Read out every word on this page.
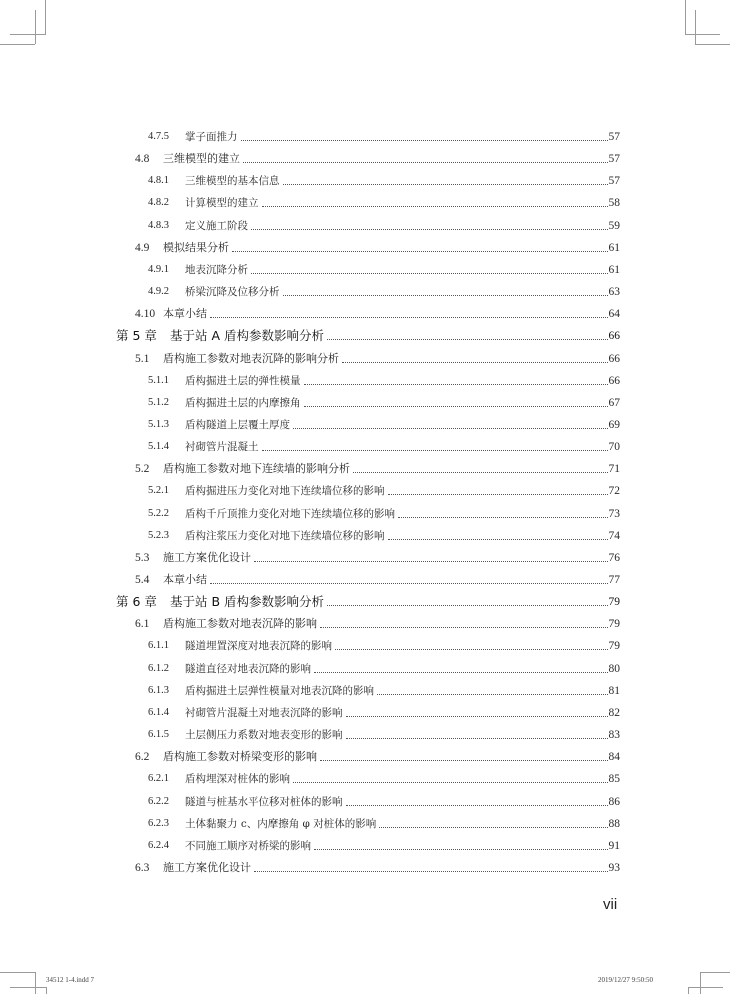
4.7.5	掌子面推力	57
4.8	三维模型的建立	57
4.8.1	三维模型的基本信息	57
4.8.2	计算模型的建立	58
4.8.3	定义施工阶段	59
4.9	模拟结果分析	61
4.9.1	地表沉降分析	61
4.9.2	桥梁沉降及位移分析	63
4.10 本章小结	64
第 5 章	基于站 A 盾构参数影响分析	66
5.1	盾构施工参数对地表沉降的影响分析	66
5.1.1	盾构掘进土层的弹性模量	66
5.1.2	盾构掘进土层的内摩擦角	67
5.1.3	盾构隧道上层覆土厚度	69
5.1.4	衬砌管片混凝土	70
5.2	盾构施工参数对地下连续墙的影响分析	71
5.2.1	盾构掘进压力变化对地下连续墙位移的影响	72
5.2.2	盾构千斤顶推力变化对地下连续墙位移的影响	73
5.2.3	盾构注浆压力变化对地下连续墙位移的影响	74
5.3	施工方案优化设计	76
5.4	本章小结	77
第 6 章	基于站 B 盾构参数影响分析	79
6.1	盾构施工参数对地表沉降的影响	79
6.1.1	隧道埋置深度对地表沉降的影响	79
6.1.2	隧道直径对地表沉降的影响	80
6.1.3	盾构掘进土层弹性模量对地表沉降的影响	81
6.1.4	衬砌管片混凝土对地表沉降的影响	82
6.1.5	土层侧压力系数对地表变形的影响	83
6.2	盾构施工参数对桥梁变形的影响	84
6.2.1	盾构埋深对桩体的影响	85
6.2.2	隧道与桩基水平位移对桩体的影响	86
6.2.3	土体黏聚力 c、内摩擦角 φ 对桩体的影响	88
6.2.4	不同施工顺序对桥梁的影响	91
6.3	施工方案优化设计	93
vii
34512 1-4.indd 7	2019/12/27 9:50:50
